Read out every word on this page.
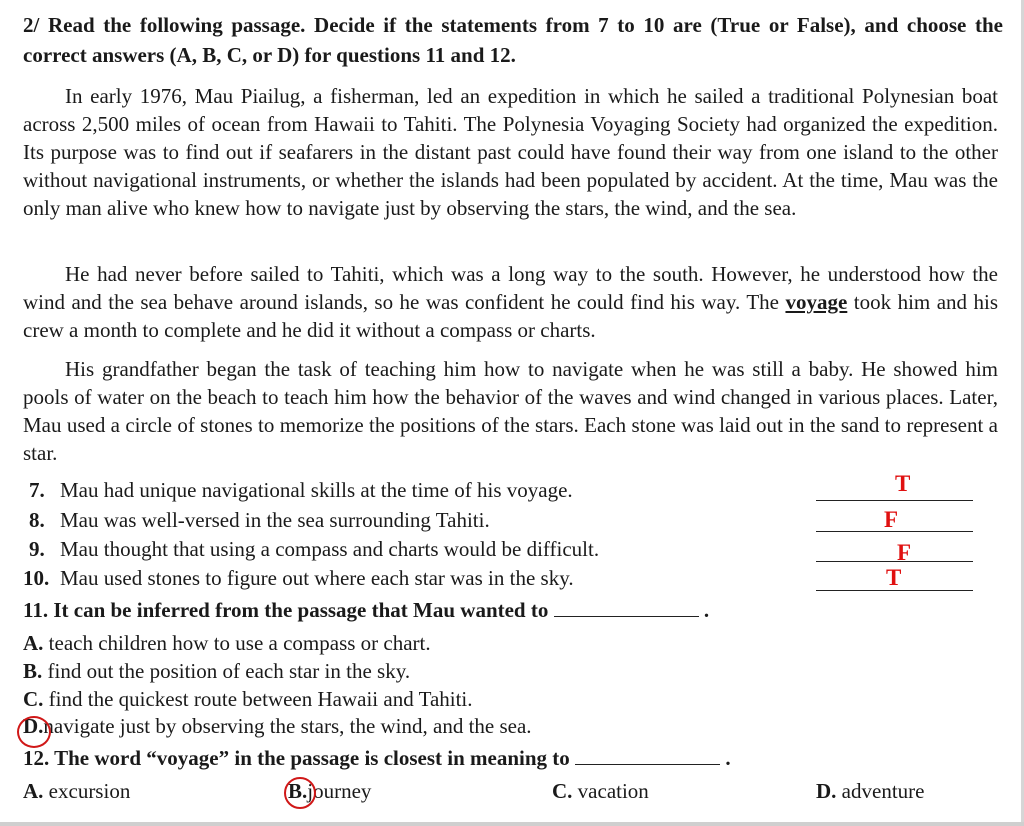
2/ Read the following passage. Decide if the statements from 7 to 10 are (True or False), and choose the correct answers (A, B, C, or D) for questions 11 and 12.
In early 1976, Mau Piailug, a fisherman, led an expedition in which he sailed a traditional Polynesian boat across 2,500 miles of ocean from Hawaii to Tahiti. The Polynesia Voyaging Society had organized the expedition. Its purpose was to find out if seafarers in the distant past could have found their way from one island to the other without navigational instruments, or whether the islands had been populated by accident. At the time, Mau was the only man alive who knew how to navigate just by observing the stars, the wind, and the sea.
He had never before sailed to Tahiti, which was a long way to the south. However, he understood how the wind and the sea behave around islands, so he was confident he could find his way. The voyage took him and his crew a month to complete and he did it without a compass or charts.
His grandfather began the task of teaching him how to navigate when he was still a baby. He showed him pools of water on the beach to teach him how the behavior of the waves and wind changed in various places. Later, Mau used a circle of stones to memorize the positions of the stars. Each stone was laid out in the sand to represent a star.
7. Mau had unique navigational skills at the time of his voyage.	T
8. Mau was well-versed in the sea surrounding Tahiti.	F
9. Mau thought that using a compass and charts would be difficult.	F
10. Mau used stones to figure out where each star was in the sky.	T
11. It can be inferred from the passage that Mau wanted to	.
A. teach children how to use a compass or chart.
B. find out the position of each star in the sky.
C. find the quickest route between Hawaii and Tahiti.
D.navigate just by observing the stars, the wind, and the sea.
12. The word “voyage” in the passage is closest in meaning to	.
A. excursion	B.journey	C. vacation	D. adventure
